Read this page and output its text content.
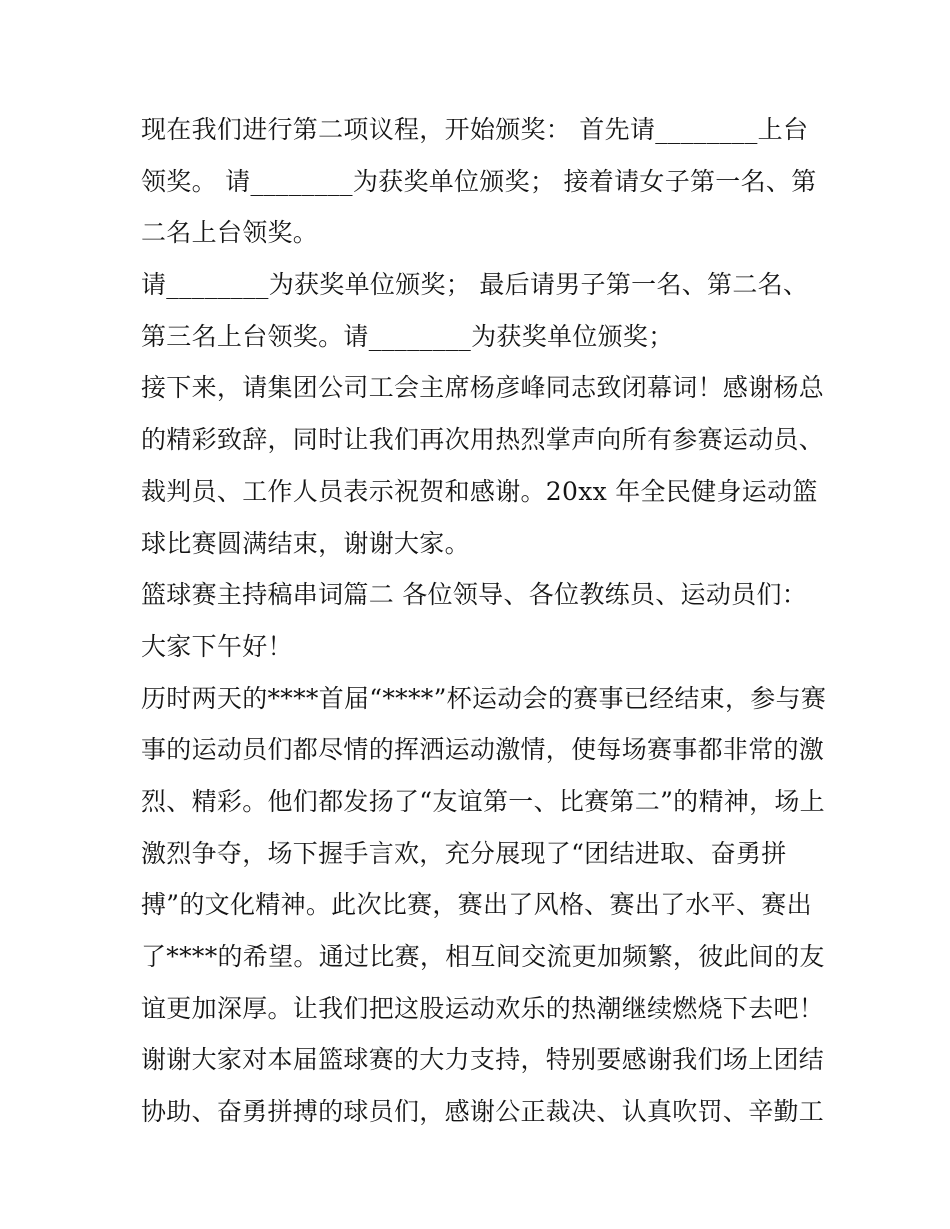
现在我们进行第二项议程，开始颁奖： 首先请________上台
领奖。 请________为获奖单位颁奖； 接着请女子第一名、第
二名上台领奖。
请________为获奖单位颁奖； 最后请男子第一名、第二名、
第三名上台领奖。请________为获奖单位颁奖；
接下来，请集团公司工会主席杨彦峰同志致闭幕词！感谢杨总
的精彩致辞，同时让我们再次用热烈掌声向所有参赛运动员、
裁判员、工作人员表示祝贺和感谢。20xx 年全民健身运动篮
球比赛圆满结束，谢谢大家。
篮球赛主持稿串词篇二 各位领导、各位教练员、运动员们：
大家下午好！
历时两天的****首届“****”杯运动会的赛事已经结束，参与赛
事的运动员们都尽情的挥洒运动激情，使每场赛事都非常的激
烈、精彩。他们都发扬了“友谊第一、比赛第二”的精神，场上
激烈争夺，场下握手言欢，充分展现了“团结进取、奋勇拼
搏”的文化精神。此次比赛，赛出了风格、赛出了水平、赛出
了****的希望。通过比赛，相互间交流更加频繁，彼此间的友
谊更加深厚。让我们把这股运动欢乐的热潮继续燃烧下去吧！
谢谢大家对本届篮球赛的大力支持，特别要感谢我们场上团结
协助、奋勇拼搏的球员们，感谢公正裁决、认真吹罚、辛勤工
